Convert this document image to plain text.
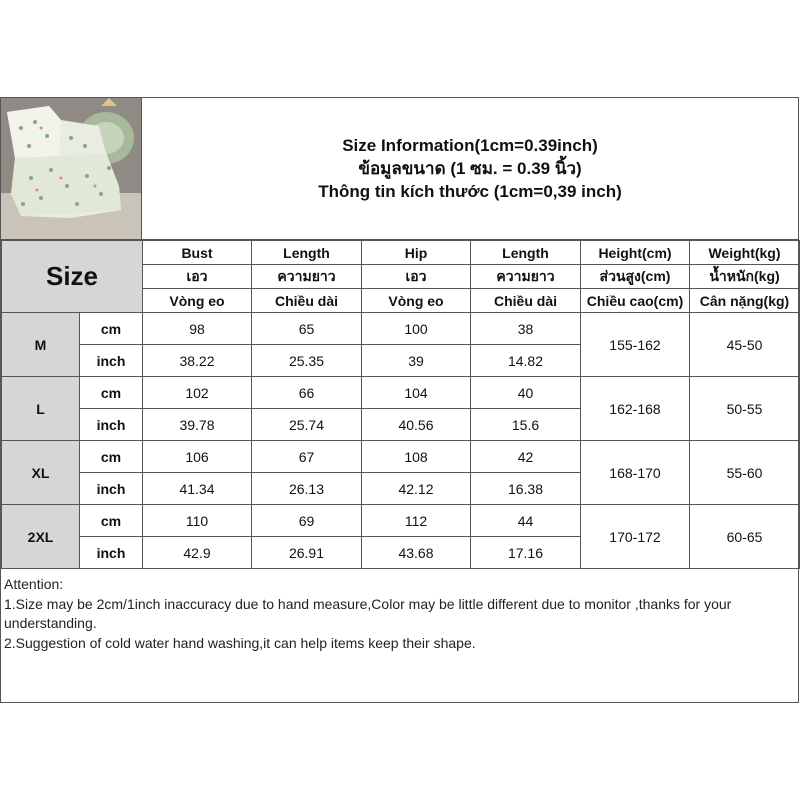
Size Information(1cm=0.39inch)
ข้อมูลขนาด (1 ซม. = 0.39 นิ้ว)
Thông tin kích thước (1cm=0,39 inch)
Size		Bust	Length	Hip	Length	Height(cm)	Weight(kg)
		เอว	ความยาว	เอว	ความยาว	ส่วนสูง(cm)	น้ำหนัก(kg)
		Vòng eo	Chiều dài	Vòng eo	Chiều dài	Chiều cao(cm)	Cân nặng(kg)
M	cm	98	65	100	38	155-162	45-50
	inch	38.22	25.35	39	14.82		
L	cm	102	66	104	40	162-168	50-55
	inch	39.78	25.74	40.56	15.6		
XL	cm	106	67	108	42	168-170	55-60
	inch	41.34	26.13	42.12	16.38		
2XL	cm	110	69	112	44	170-172	60-65
	inch	42.9	26.91	43.68	17.16		
Attention:
1.Size may be 2cm/1inch inaccuracy due to hand measure,Color may be little different due to monitor ,thanks for your understanding.
2.Suggestion of cold water hand washing,it can help items keep their shape.
